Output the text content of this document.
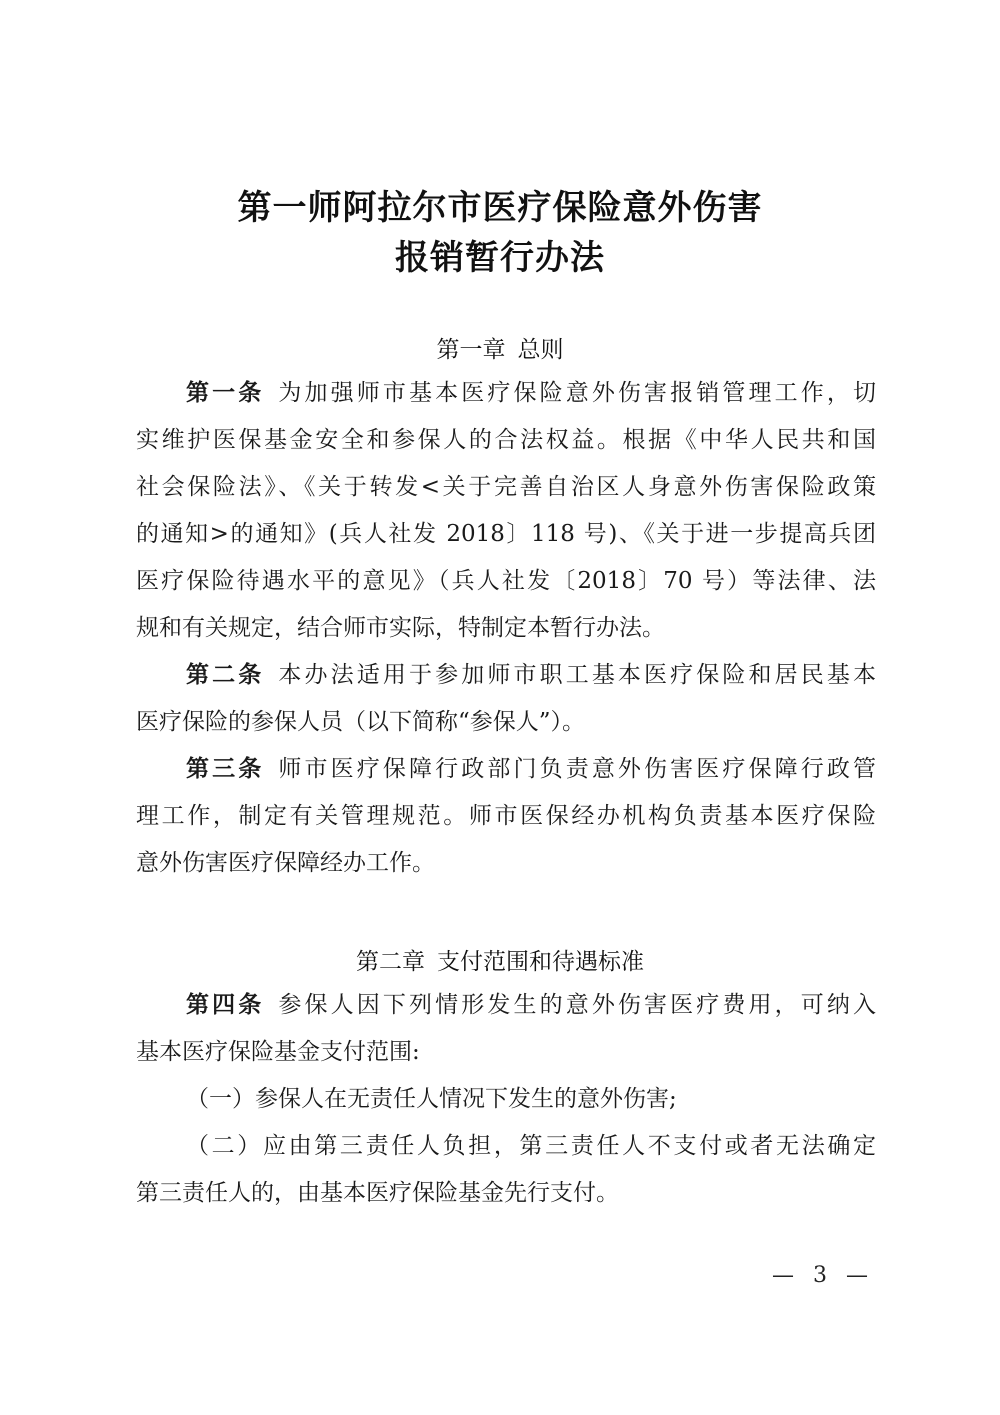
第一师阿拉尔市医疗保险意外伤害
报销暂行办法
第一章 总则
第一条 为加强师市基本医疗保险意外伤害报销管理工作，切
实维护医保基金安全和参保人的合法权益。根据《中华人民共和国
社会保险法》、《关于转发<关于完善自治区人身意外伤害保险政策
的通知>的通知》(兵人社发 2018〕118 号)、《关于进一步提高兵团
医疗保险待遇水平的意见》（兵人社发〔2018〕70 号）等法律、法
规和有关规定，结合师市实际，特制定本暂行办法。
第二条 本办法适用于参加师市职工基本医疗保险和居民基本
医疗保险的参保人员（以下简称“参保人”）。
第三条 师市医疗保障行政部门负责意外伤害医疗保障行政管
理工作，制定有关管理规范。师市医保经办机构负责基本医疗保险
意外伤害医疗保障经办工作。
第二章 支付范围和待遇标准
第四条 参保人因下列情形发生的意外伤害医疗费用，可纳入
基本医疗保险基金支付范围:
（一）参保人在无责任人情况下发生的意外伤害;
（二）应由第三责任人负担，第三责任人不支付或者无法确定
第三责任人的，由基本医疗保险基金先行支付。
— 3 —
